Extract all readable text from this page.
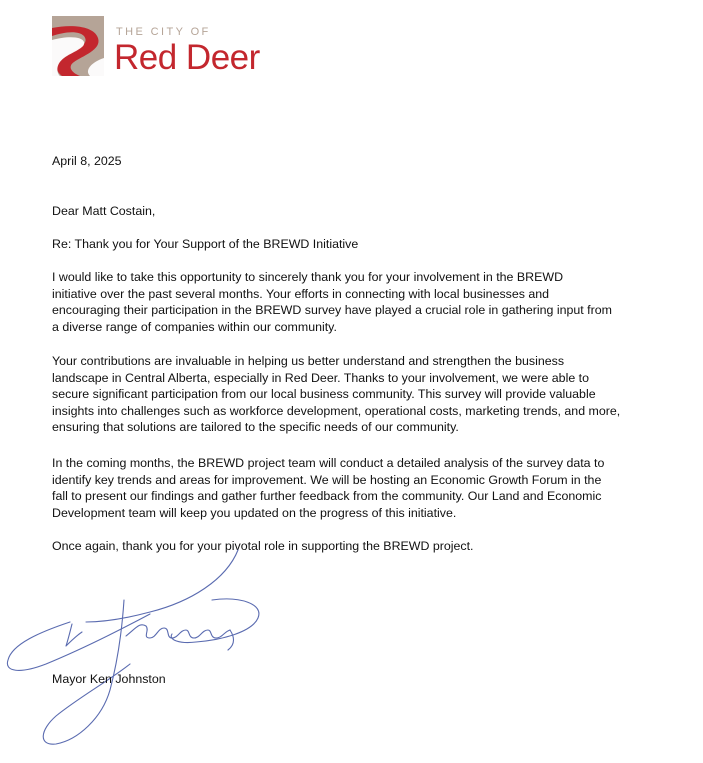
THE CITY OF
Red Deer
April 8, 2025
Dear Matt Costain,
Re: Thank you for Your Support of the BREWD Initiative
I would like to take this opportunity to sincerely thank you for your involvement in the BREWD
initiative over the past several months. Your efforts in connecting with local businesses and
encouraging their participation in the BREWD survey have played a crucial role in gathering input from
a diverse range of companies within our community.
Your contributions are invaluable in helping us better understand and strengthen the business
landscape in Central Alberta, especially in Red Deer. Thanks to your involvement, we were able to
secure significant participation from our local business community. This survey will provide valuable
insights into challenges such as workforce development, operational costs, marketing trends, and more,
ensuring that solutions are tailored to the specific needs of our community.
In the coming months, the BREWD project team will conduct a detailed analysis of the survey data to
identify key trends and areas for improvement. We will be hosting an Economic Growth Forum in the
fall to present our findings and gather further feedback from the community. Our Land and Economic
Development team will keep you updated on the progress of this initiative.
Once again, thank you for your pivotal role in supporting the BREWD project.
Mayor Ken Johnston
